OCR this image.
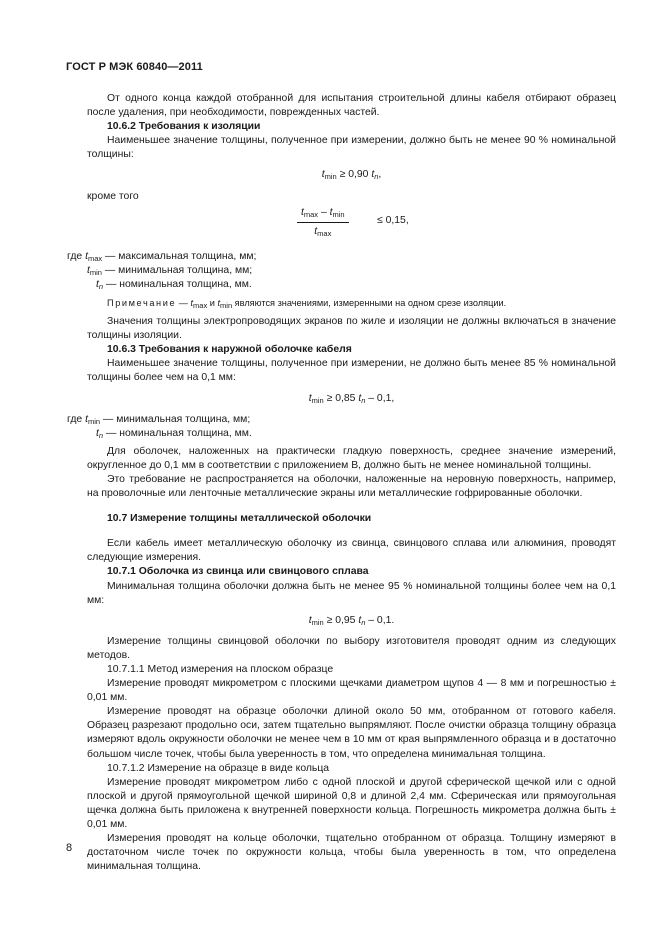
ГОСТ Р МЭК 60840—2011

От одного конца каждой отобранной для испытания строительной длины кабеля отбирают образец после удаления, при необходимости, поврежденных частей.

10.6.2 Требования к изоляции

Наименьшее значение толщины, полученное при измерении, должно быть не менее 90 % номинальной толщины:

$t_{min} \ge 0,90$ $t_n$,

кроме того

$t_{max} - t_{min}$
$t_{max}$
≤ 0,15,
где $t_{max}$ — максимальная толщина, мм;
$t_{min}$ — минимальная толщина, мм;
$t_n$ — номинальная толщина, мм.
Примечание — $t_{max}$ и $t_{min}$ являются значениями, измеренными на одном срезе изоляции.

Значения толщины электропроводящих экранов по жиле и изоляции не должны включаться в значение толщины изоляции.

10.6.3 Требования к наружной оболочке кабеля

Наименьшее значение толщины, полученное при измерении, не должно быть менее 85 % номинальной толщины более чем на 0,1 мм:

$t_{min} \ge 0,85$ $t_n - 0,1$,
где $t_{min}$ — минимальная толщина, мм;
$t_n$ — номинальная толщина, мм.

Для оболочек, наложенных на практически гладкую поверхность, среднее значение измерений, округленное до 0,1 мм в соответствии с приложением В, должно быть не менее номинальной толщины.

Это требование не распространяется на оболочки, наложенные на неровную поверхность, например, на проволочные или ленточные металлические экраны или металлические гофрированные оболочки.

10.7 Измерение толщины металлической оболочки

Если кабель имеет металлическую оболочку из свинца, свинцового сплава или алюминия, проводят следующие измерения.

10.7.1 Оболочка из свинца или свинцового сплава

Минимальная толщина оболочки должна быть не менее 95 % номинальной толщины более чем на 0,1 мм:

$t_{min} \ge 0,95$ $t_n - 0,1$.

Измерение толщины свинцовой оболочки по выбору изготовителя проводят одним из следующих методов.

10.7.1.1 Метод измерения на плоском образце

Измерение проводят микрометром с плоскими щечками диаметром щупов 4 — 8 мм и погрешностью ± 0,01 мм.

Измерение проводят на образце оболочки длиной около 50 мм, отобранном от готового кабеля. Образец разрезают продольно оси, затем тщательно выпрямляют. После очистки образца толщину образца измеряют вдоль окружности оболочки не менее чем в 10 мм от края выпрямленного образца и в достаточно большом числе точек, чтобы была уверенность в том, что определена минимальная толщина.

10.7.1.2 Измерение на образце в виде кольца

Измерение проводят микрометром либо с одной плоской и другой сферической щечкой или с одной плоской и другой прямоугольной щечкой шириной 0,8 и длиной 2,4 мм. Сферическая или прямоугольная щечка должна быть приложена к внутренней поверхности кольца. Погрешность микрометра должна быть ± 0,01 мм.

Измерения проводят на кольце оболочки, тщательно отобранном от образца. Толщину измеряют в достаточном числе точек по окружности кольца, чтобы была уверенность в том, что определена минимальная толщина.

8
